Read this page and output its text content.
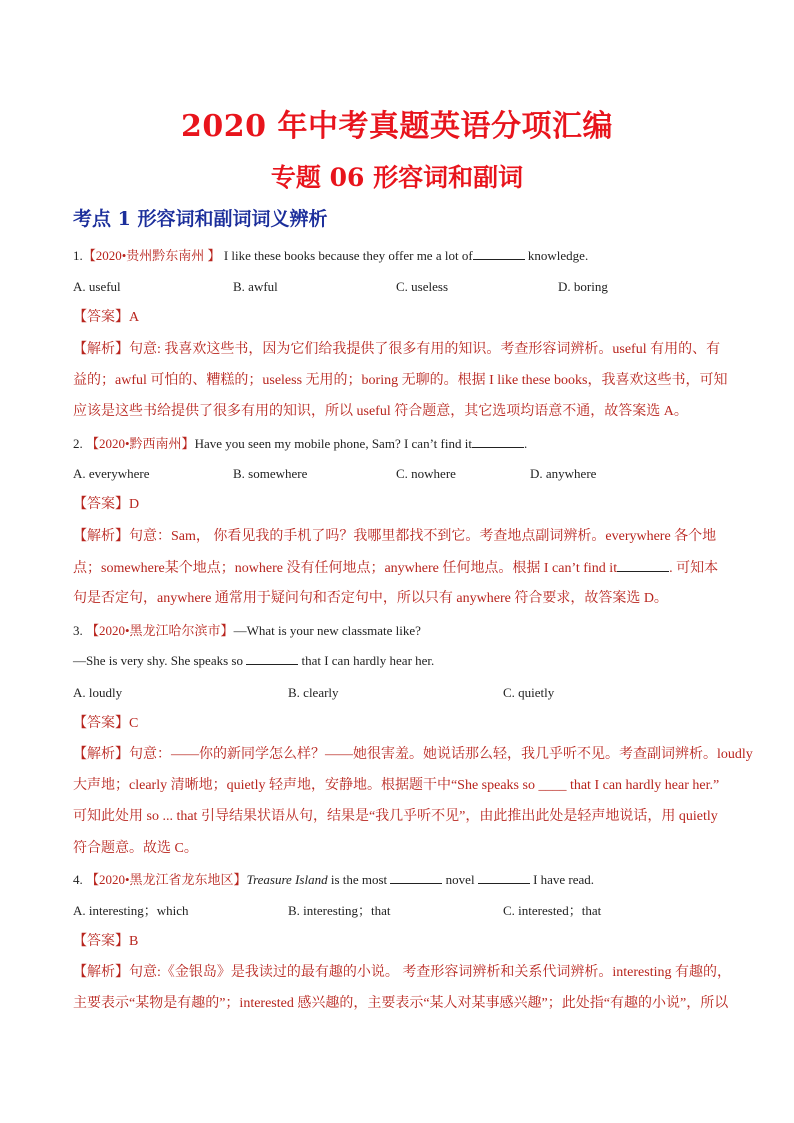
2020 年中考真题英语分项汇编
专题 06 形容词和副词
考点 1 形容词和副词词义辨析
1.【2020•贵州黔东南州 】 I like these books because they offer me a lot of	knowledge.
A. useful	B. awful	C. useless	D. boring
【答案】A
【解析】句意: 我喜欢这些书，因为它们给我提供了很多有用的知识。考查形容词辨析。useful 有用的、有
益的；awful 可怕的、糟糕的；useless 无用的；boring 无聊的。根据 I like these books，我喜欢这些书，可知
应该是这些书给提供了很多有用的知识，所以 useful 符合题意，其它选项均语意不通，故答案选 A。
2. 【2020•黔西南州】Have you seen my mobile phone, Sam? I can’t find it	.
A. everywhere	B. somewhere	C. nowhere	D. anywhere
【答案】D
【解析】句意：Sam， 你看见我的手机了吗？我哪里都找不到它。考查地点副词辨析。everywhere 各个地
点；somewhere某个地点；nowhere 没有任何地点；anywhere 任何地点。根据 I can’t find it	. 可知本
句是否定句，anywhere 通常用于疑问句和否定句中，所以只有 anywhere 符合要求，故答案选 D。
3. 【2020•黑龙江哈尔滨市】—What is your new classmate like?
—She is very shy. She speaks so	that I can hardly hear her.
A. loudly	B. clearly	C. quietly
【答案】C
【解析】句意：——你的新同学怎么样？——她很害羞。她说话那么轻，我几乎听不见。考查副词辨析。loudly
大声地；clearly 清晰地；quietly 轻声地，安静地。根据题干中“She speaks so ____ that I can hardly hear her.”
可知此处用 so ... that 引导结果状语从句，结果是“我几乎听不见”，由此推出此处是轻声地说话，用 quietly
符合题意。故选 C。
4. 【2020•黑龙江省龙东地区】Treasure Island is the most	novel	I have read.
A. interesting；which	B. interesting；that	C. interested；that
【答案】B
【解析】句意:《金银岛》是我读过的最有趣的小说。 考查形容词辨析和关系代词辨析。interesting 有趣的，
主要表示“某物是有趣的”；interested 感兴趣的，主要表示“某人对某事感兴趣”；此处指“有趣的小说”，所以
